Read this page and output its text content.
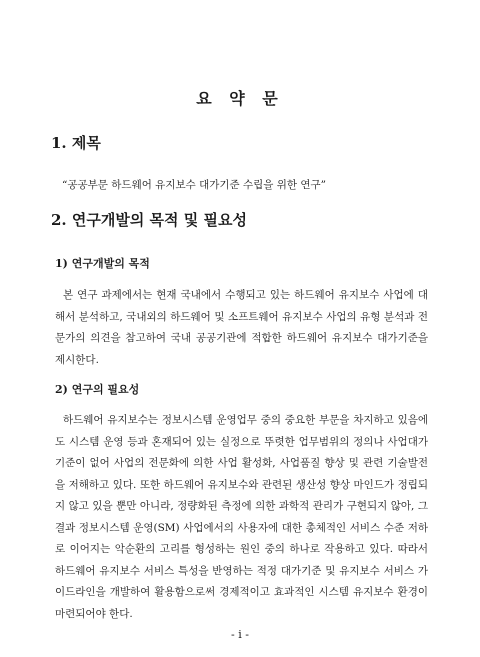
요 약 문
1. 제목
“공공부문 하드웨어 유지보수 대가기준 수립을 위한 연구”
2. 연구개발의 목적 및 필요성
1) 연구개발의 목적

본 연구 과제에서는 현재 국내에서 수행되고 있는 하드웨어 유지보수 사업에 대해서 분석하고, 국내외의 하드웨어 및 소프트웨어 유지보수 사업의 유형 분석과 전문가의 의견을 참고하여 국내 공공기관에 적합한 하드웨어 유지보수 대가기준을 제시한다.

2) 연구의 필요성

하드웨어 유지보수는 정보시스템 운영업무 중의 중요한 부문을 차지하고 있음에도 시스템 운영 등과 혼재되어 있는 실정으로 뚜렷한 업무범위의 정의나 사업대가기준이 없어 사업의 전문화에 의한 사업 활성화, 사업품질 향상 및 관련 기술발전을 저해하고 있다. 또한 하드웨어 유지보수와 관련된 생산성 향상 마인드가 정립되지 않고 있을 뿐만 아니라, 정량화된 측정에 의한 과학적 관리가 구현되지 않아, 그 결과 정보시스템 운영(SM) 사업에서의 사용자에 대한 총체적인 서비스 수준 저하로 이어지는 악순환의 고리를 형성하는 원인 중의 하나로 작용하고 있다. 따라서 하드웨어 유지보수 서비스 특성을 반영하는 적정 대가기준 및 유지보수 서비스 가이드라인을 개발하여 활용함으로써 경제적이고 효과적인 시스템 유지보수 환경이 마련되어야 한다.

- i -
